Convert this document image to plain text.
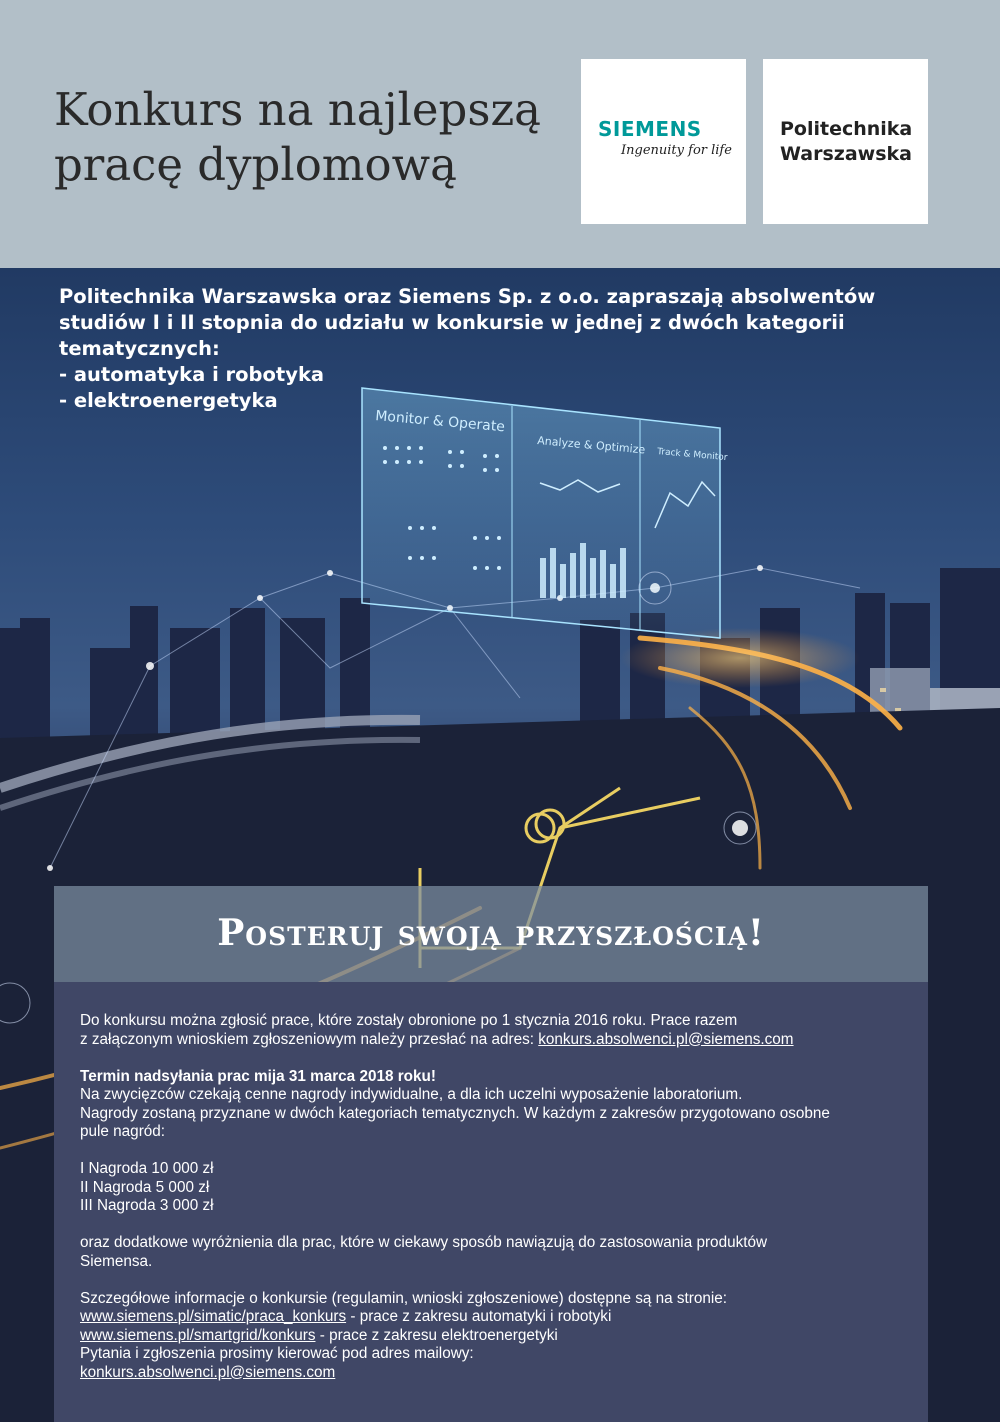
Konkurs na najlepszą
pracę dyplomową
SIEMENS
Ingenuity for life
Politechnika
Warszawska
Monitor & Operate
Analyze & Optimize Track & Monitor
Politechnika Warszawska oraz Siemens Sp. z o.o. zapraszają absolwentów
studiów I i II stopnia do udziału w konkursie w jednej z dwóch kategorii
tematycznych:
- automatyka i robotyka
- elektroenergetyka
Posteruj swoją przyszłością!
Do konkursu można zgłosić prace, które zostały obronione po 1 stycznia 2016 roku. Prace razem
z załączonym wnioskiem zgłoszeniowym należy przesłać na adres: konkurs.absolwenci.pl@siemens.com
Termin nadsyłania prac mija 31 marca 2018 roku!
Na zwycięzców czekają cenne nagrody indywidualne, a dla ich uczelni wyposażenie laboratorium.
Nagrody zostaną przyznane w dwóch kategoriach tematycznych. W każdym z zakresów przygotowano osobne
pule nagród:
I Nagroda 10 000 zł
II Nagroda 5 000 zł
III Nagroda 3 000 zł
oraz dodatkowe wyróżnienia dla prac, które w ciekawy sposób nawiązują do zastosowania produktów
Siemensa.
Szczegółowe informacje o konkursie (regulamin, wnioski zgłoszeniowe) dostępne są na stronie:
www.siemens.pl/simatic/praca_konkurs - prace z zakresu automatyki i robotyki
www.siemens.pl/smartgrid/konkurs - prace z zakresu elektroenergetyki
Pytania i zgłoszenia prosimy kierować pod adres mailowy:
konkurs.absolwenci.pl@siemens.com
